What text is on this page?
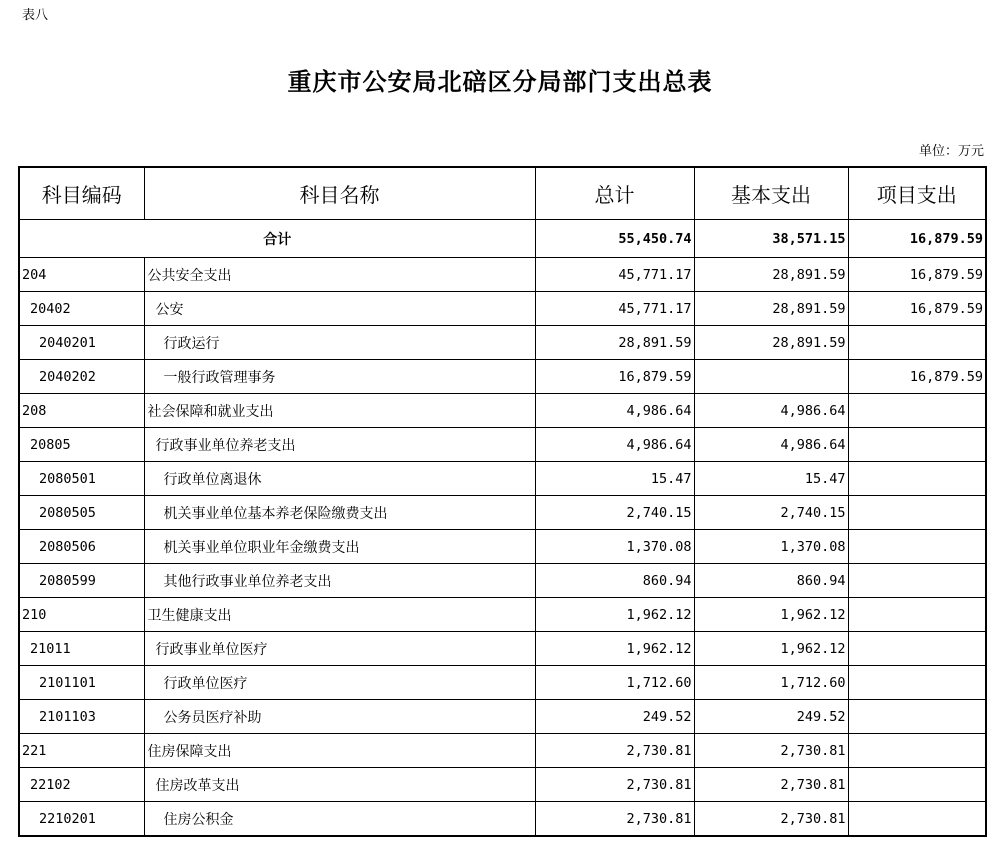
表八
重庆市公安局北碚区分局部门支出总表
单位：万元
科目编码	科目名称	总计	基本支出	项目支出
合计		55,450.74	38,571.15	16,879.59
204	公共安全支出	45,771.17	28,891.59	16,879.59
20402	公安	45,771.17	28,891.59	16,879.59
2040201	行政运行	28,891.59	28,891.59	
2040202	一般行政管理事务	16,879.59		16,879.59
208	社会保障和就业支出	4,986.64	4,986.64	
20805	行政事业单位养老支出	4,986.64	4,986.64	
2080501	行政单位离退休	15.47	15.47	
2080505	机关事业单位基本养老保险缴费支出	2,740.15	2,740.15	
2080506	机关事业单位职业年金缴费支出	1,370.08	1,370.08	
2080599	其他行政事业单位养老支出	860.94	860.94	
210	卫生健康支出	1,962.12	1,962.12	
21011	行政事业单位医疗	1,962.12	1,962.12	
2101101	行政单位医疗	1,712.60	1,712.60	
2101103	公务员医疗补助	249.52	249.52	
221	住房保障支出	2,730.81	2,730.81	
22102	住房改革支出	2,730.81	2,730.81	
2210201	住房公积金	2,730.81	2,730.81	
